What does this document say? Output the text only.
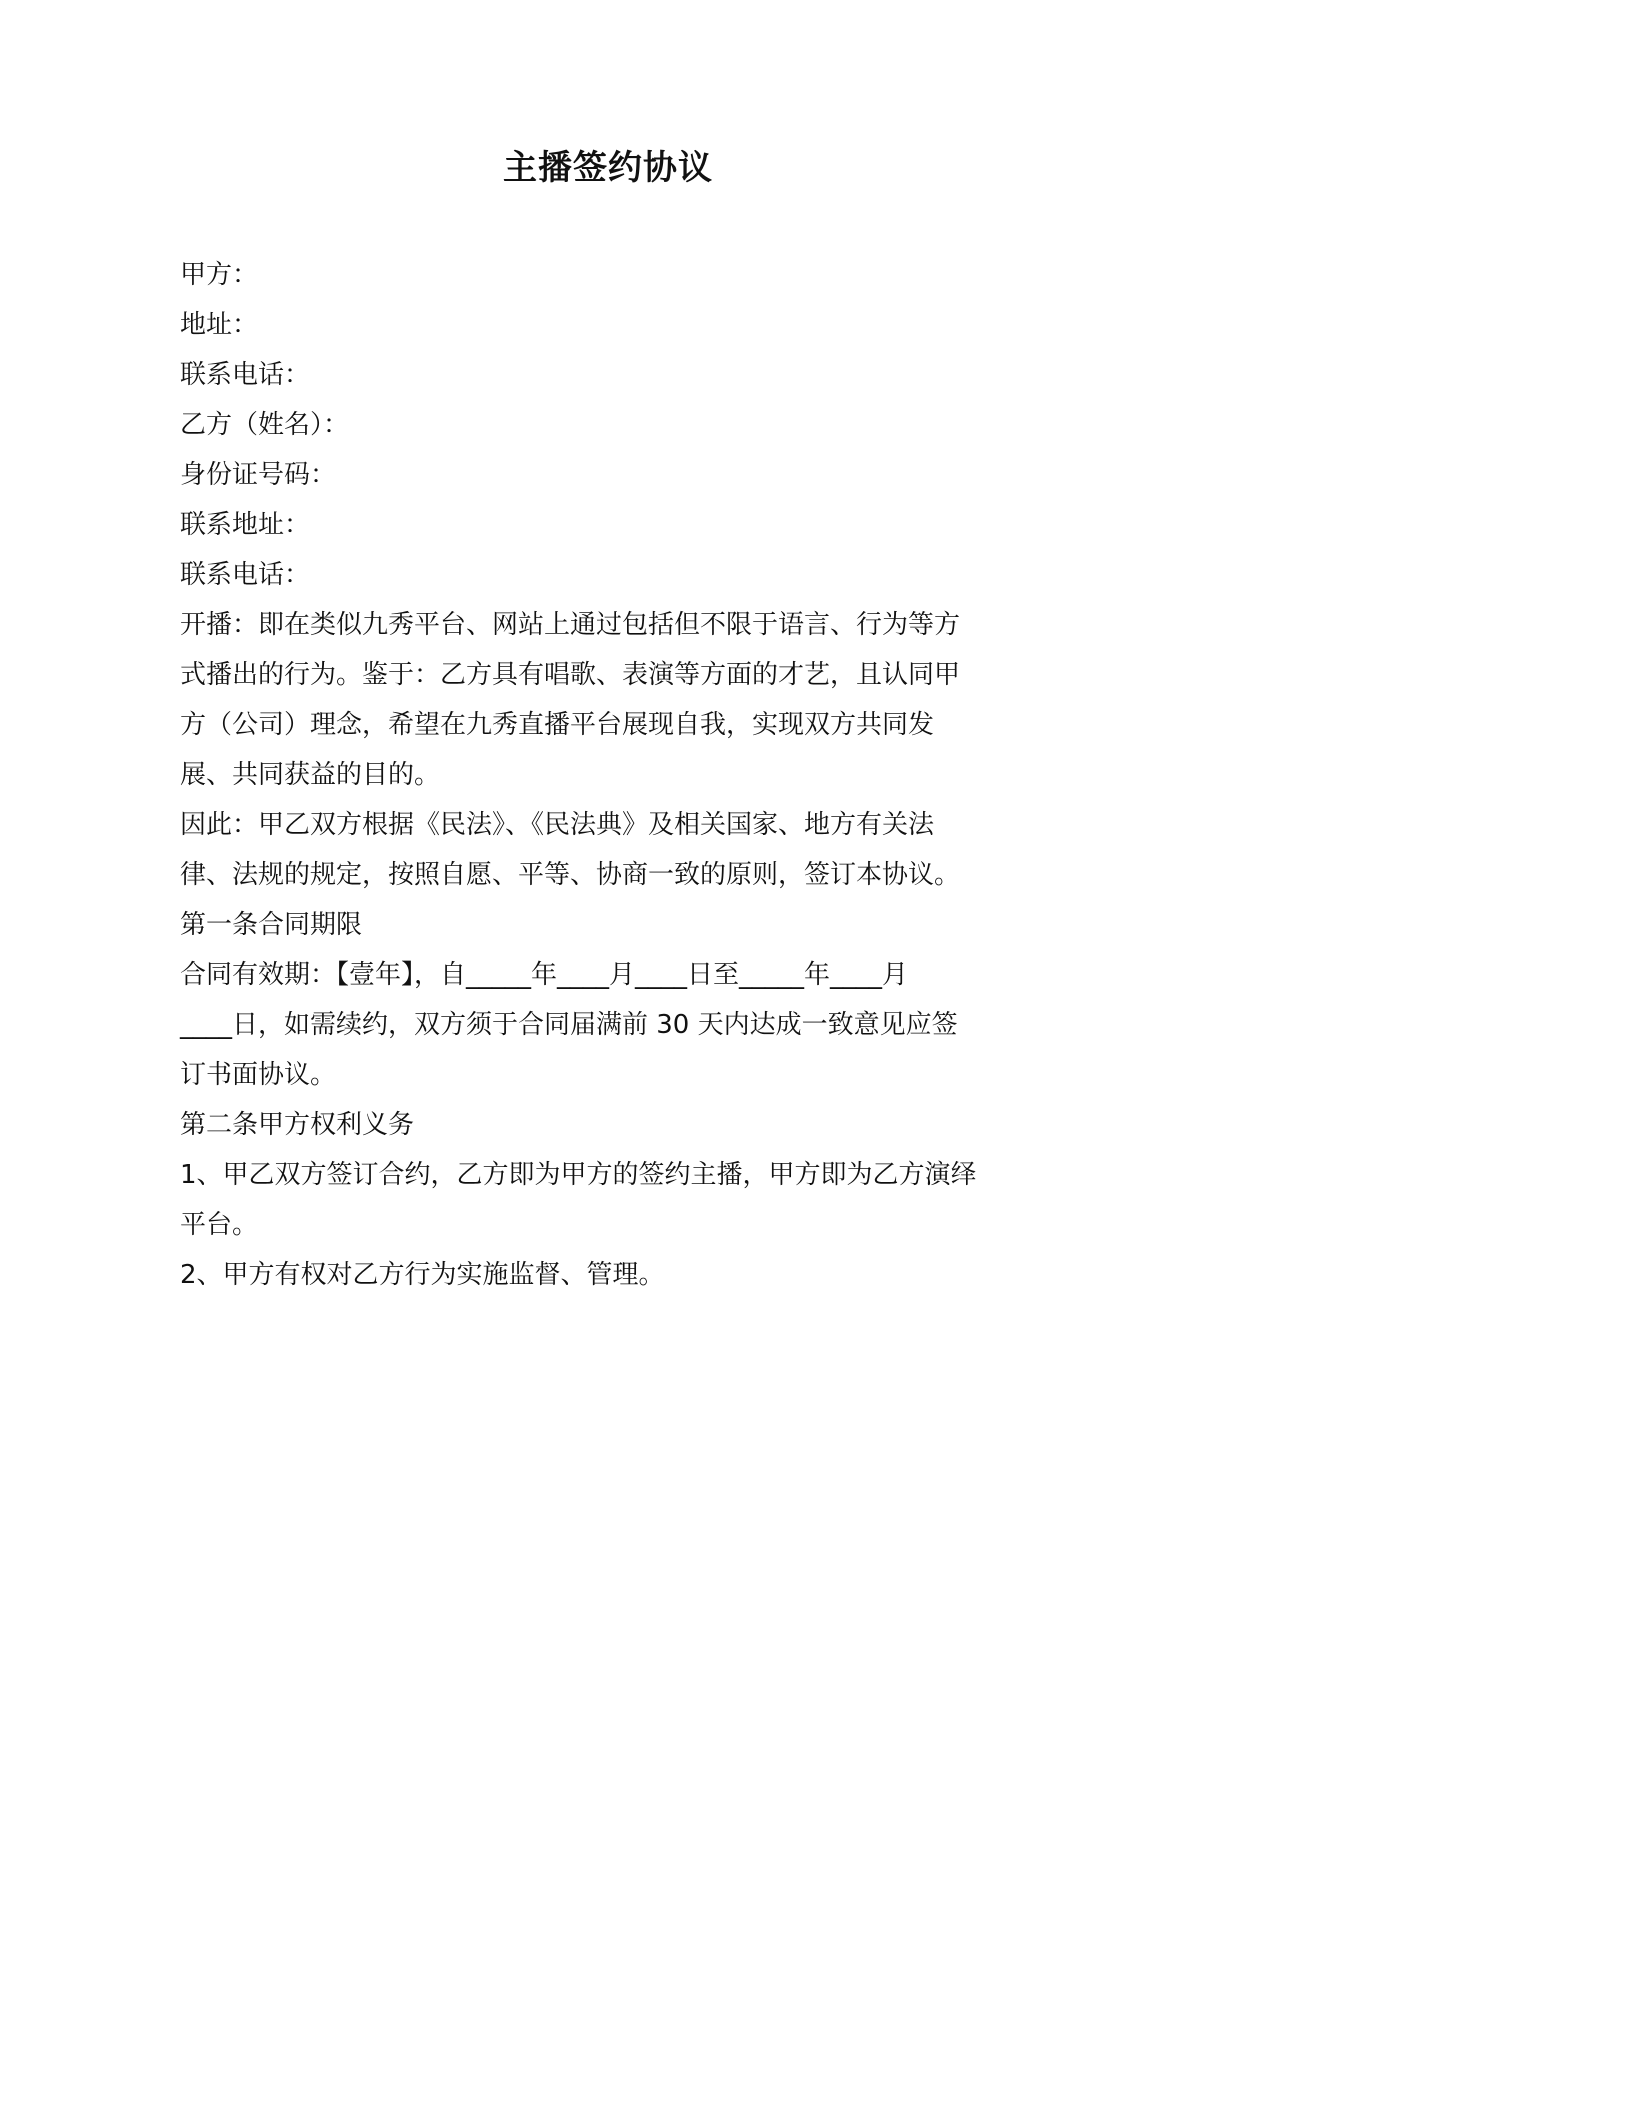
主播签约协议
甲方：
地址：
联系电话：
乙方（姓名）：
身份证号码：
联系地址：
联系电话：
开播：即在类似九秀平台、网站上通过包括但不限于语言、行为等方
式播出的行为。鉴于：乙方具有唱歌、表演等方面的才艺，且认同甲
方（公司）理念，希望在九秀直播平台展现自我，实现双方共同发
展、共同获益的目的。
因此：甲乙双方根据《民法》、《民法典》及相关国家、地方有关法
律、法规的规定，按照自愿、平等、协商一致的原则，签订本协议。
第一条合同期限
合同有效期：【壹年】，自_____年____月____日至_____年____月
____日，如需续约，双方须于合同届满前 30 天内达成一致意见应签
订书面协议。
第二条甲方权利义务
1、甲乙双方签订合约，乙方即为甲方的签约主播，甲方即为乙方演绎
平台。
2、甲方有权对乙方行为实施监督、管理。
